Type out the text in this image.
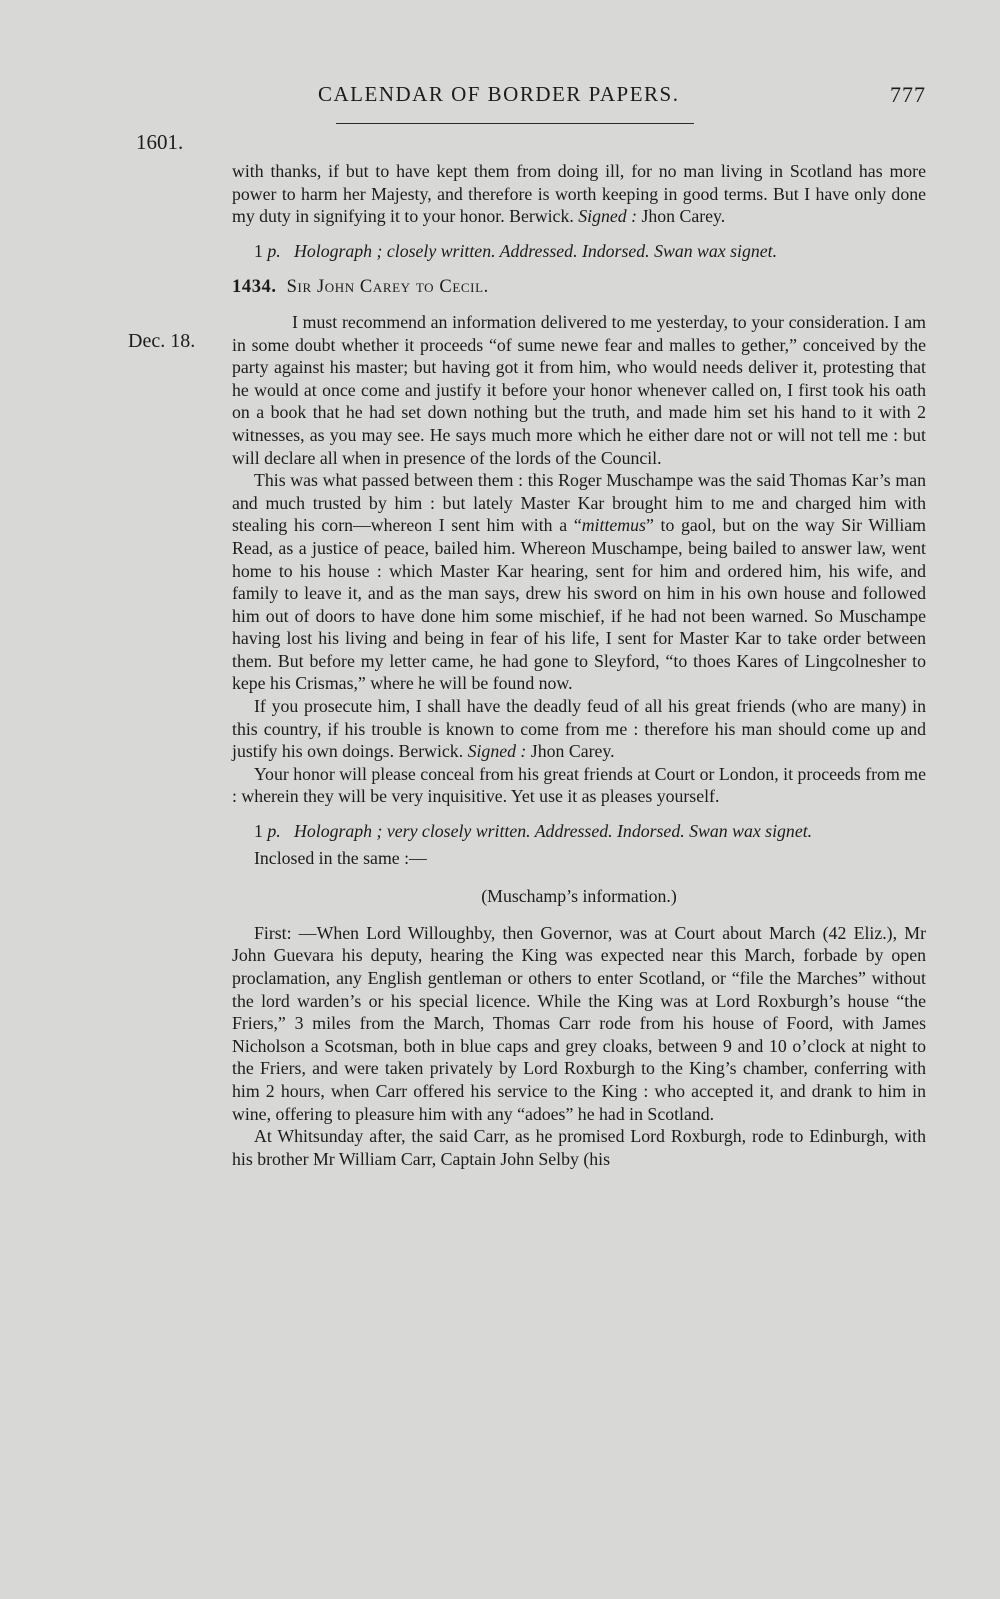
CALENDAR OF BORDER PAPERS.	777
1601.
Dec. 18.

with thanks, if but to have kept them from doing ill, for no man living in Scotland has more power to harm her Majesty, and therefore is worth keeping in good terms. But I have only done my duty in signifying it to your honor. Berwick. Signed : Jhon Carey.

1 p. Holograph ; closely written. Addressed. Indorsed. Swan wax signet.

1434. Sir John Carey to Cecil.

I must recommend an information delivered to me yesterday, to your consideration. I am in some doubt whether it proceeds “of sume newe fear and malles to gether,” conceived by the party against his master; but having got it from him, who would needs deliver it, protesting that he would at once come and justify it before your honor whenever called on, I first took his oath on a book that he had set down nothing but the truth, and made him set his hand to it with 2 witnesses, as you may see. He says much more which he either dare not or will not tell me : but will declare all when in presence of the lords of the Council.

This was what passed between them : this Roger Muschampe was the said Thomas Kar’s man and much trusted by him : but lately Master Kar brought him to me and charged him with stealing his corn—whereon I sent him with a “mittemus” to gaol, but on the way Sir William Read, as a justice of peace, bailed him. Whereon Muschampe, being bailed to answer law, went home to his house : which Master Kar hearing, sent for him and ordered him, his wife, and family to leave it, and as the man says, drew his sword on him in his own house and followed him out of doors to have done him some mischief, if he had not been warned. So Muschampe having lost his living and being in fear of his life, I sent for Master Kar to take order between them. But before my letter came, he had gone to Sleyford, “to thoes Kares of Lingcolnesher to kepe his Crismas,” where he will be found now.

If you prosecute him, I shall have the deadly feud of all his great friends (who are many) in this country, if his trouble is known to come from me : therefore his man should come up and justify his own doings. Berwick. Signed : Jhon Carey.

Your honor will please conceal from his great friends at Court or London, it proceeds from me : wherein they will be very inquisitive. Yet use it as pleases yourself.

1 p. Holograph ; very closely written. Addressed. Indorsed. Swan wax signet.

Inclosed in the same :—

(Muschamp’s information.)

First: —When Lord Willoughby, then Governor, was at Court about March (42 Eliz.), Mr John Guevara his deputy, hearing the King was expected near this March, forbade by open proclamation, any English gentleman or others to enter Scotland, or “file the Marches” without the lord warden’s or his special licence. While the King was at Lord Roxburgh’s house “the Friers,” 3 miles from the March, Thomas Carr rode from his house of Foord, with James Nicholson a Scotsman, both in blue caps and grey cloaks, between 9 and 10 o’clock at night to the Friers, and were taken privately by Lord Roxburgh to the King’s chamber, conferring with him 2 hours, when Carr offered his service to the King : who accepted it, and drank to him in wine, offering to pleasure him with any “adoes” he had in Scotland.

At Whitsunday after, the said Carr, as he promised Lord Roxburgh, rode to Edinburgh, with his brother Mr William Carr, Captain John Selby (his
